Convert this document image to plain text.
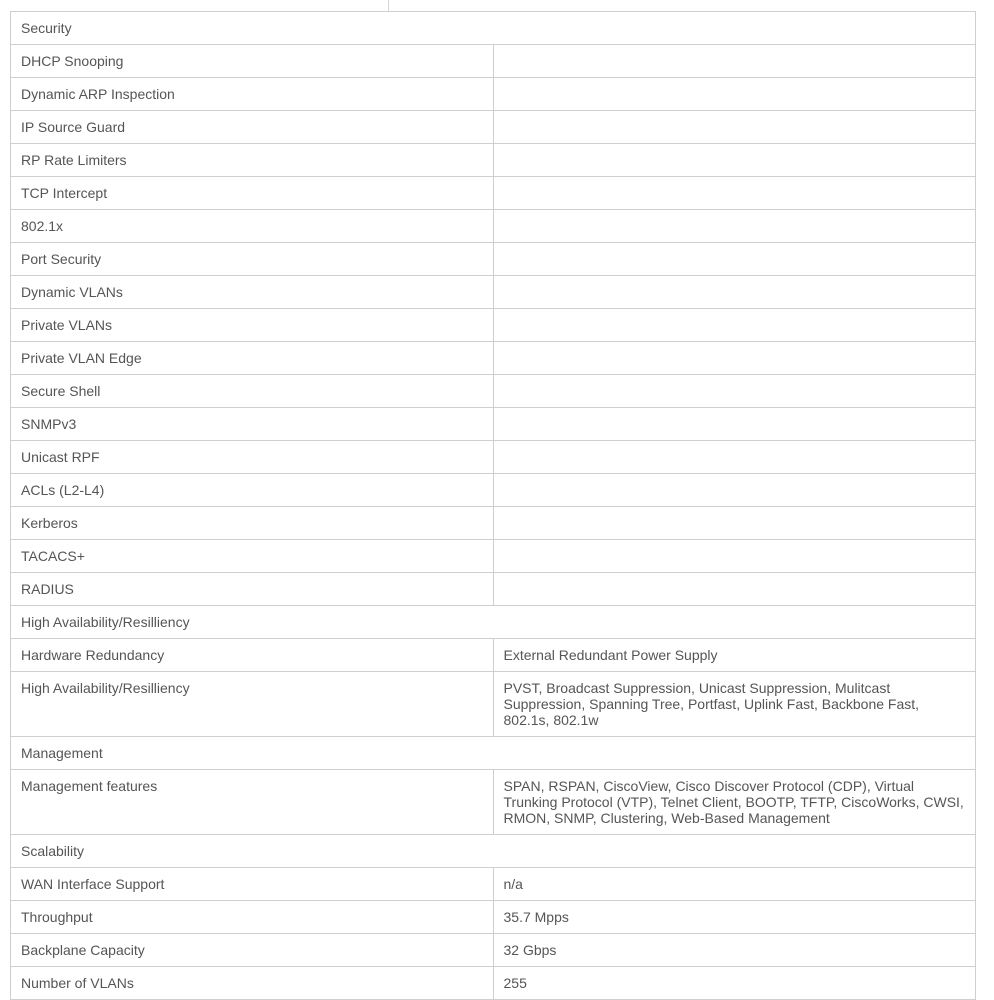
Security	
DHCP Snooping	
Dynamic ARP Inspection	
IP Source Guard	
RP Rate Limiters	
TCP Intercept	
802.1x	
Port Security	
Dynamic VLANs	
Private VLANs	
Private VLAN Edge	
Secure Shell	
SNMPv3	
Unicast RPF	
ACLs (L2-L4)	
Kerberos	
TACACS+	
RADIUS	
High Availability/Resilliency	
Hardware Redundancy	External Redundant Power Supply
High Availability/Resilliency	PVST, Broadcast Suppression, Unicast Suppression, Mulitcast Suppression, Spanning Tree, Portfast, Uplink Fast, Backbone Fast, 802.1s, 802.1w
Management	
Management features	SPAN, RSPAN, CiscoView, Cisco Discover Protocol (CDP), Virtual Trunking Protocol (VTP), Telnet Client, BOOTP, TFTP, CiscoWorks, CWSI, RMON, SNMP, Clustering, Web-Based Management
Scalability	
WAN Interface Support	n/a
Throughput	35.7 Mpps
Backplane Capacity	32 Gbps
Number of VLANs	255
